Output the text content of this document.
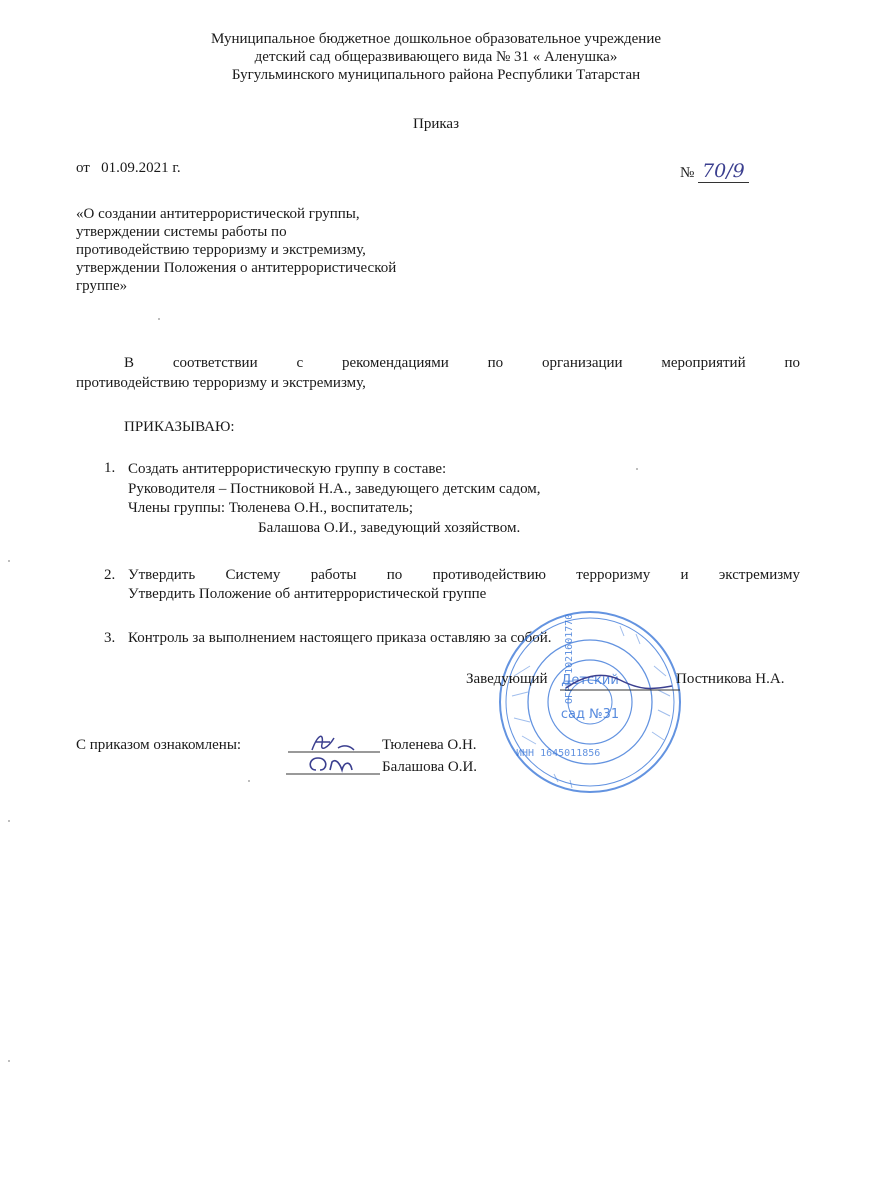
Муниципальное бюджетное дошкольное образовательное учреждение
детский сад общеразвивающего вида № 31 « Аленушка»
Бугульминского муниципального района Республики Татарстан
Приказ
от 01.09.2021 г.	№ 70/9
«О создании антитеррористической группы,
утверждении системы работы по
противодействию терроризму и экстремизму,
утверждении Положения о антитеррористической
группе»
В соответствии с рекомендациями по организации мероприятий по
противодействию терроризму и экстремизму,
ПРИКАЗЫВАЮ:
1. Создать антитеррористическую группу в составе:
Руководителя – Постниковой Н.А., заведующего детским садом,
Члены группы: Тюленева О.Н., воспитатель;
Балашова О.И., заведующий хозяйством.
2. Утвердить Систему работы по противодействию терроризму и экстремизму
Утвердить Положение об антитеррористической группе
3. Контроль за выполнением настоящего приказа оставляю за собой. ОГРН 1021601770
ИНН 1645011856
Детский
сад №31
Заведующий	Постникова Н.А.
С приказом ознакомлены:	Тюленева О.Н.
Балашова О.И.
